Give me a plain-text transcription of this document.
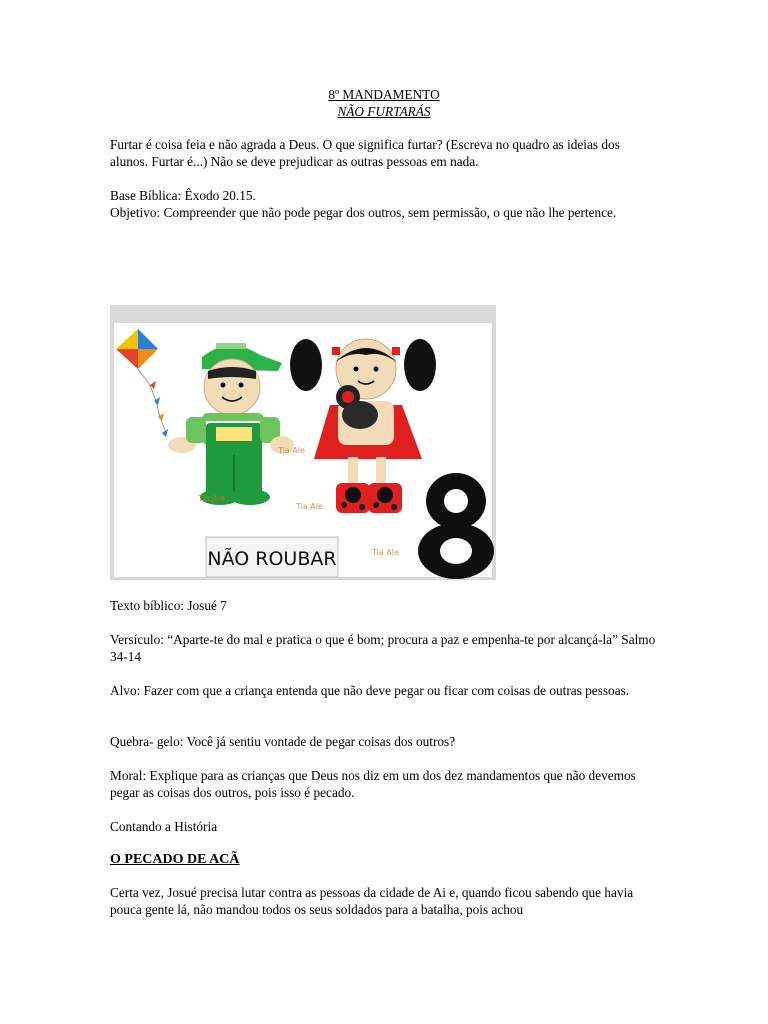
8º MANDAMENTO
NÃO FURTARÁS

Furtar é coisa feia e não agrada a Deus. O que significa furtar? (Escreva no quadro as ideias dos alunos. Furtar é...) Não se deve prejudicar as outras pessoas em nada.

Base Bíblica: Êxodo 20.15.

Objetivo: Compreender que não pode pegar dos outros, sem permissão, o que não lhe pertence.

NÃO ROUBAR
Tia Ale
Tia Ale
Tia Ale
Tia Ale

Texto bíblico: Josué 7

Versículo: “Aparte-te do mal e pratica o que é bom; procura a paz e empenha-te por alcançá-la” Salmo 34-14

Alvo: Fazer com que a criança entenda que não deve pegar ou ficar com coisas de outras pessoas.

Quebra- gelo: Você já sentiu vontade de pegar coisas dos outros?

Moral: Explique para as crianças que Deus nos diz em um dos dez mandamentos que não devemos pegar as coisas dos outros, pois isso é pecado.

Contando a História

O PECADO DE ACÃ

Certa vez, Josué precisa lutar contra as pessoas da cidade de Ai e, quando ficou sabendo que havia pouca gente lá, não mandou todos os seus soldados para a batalha, pois achou
